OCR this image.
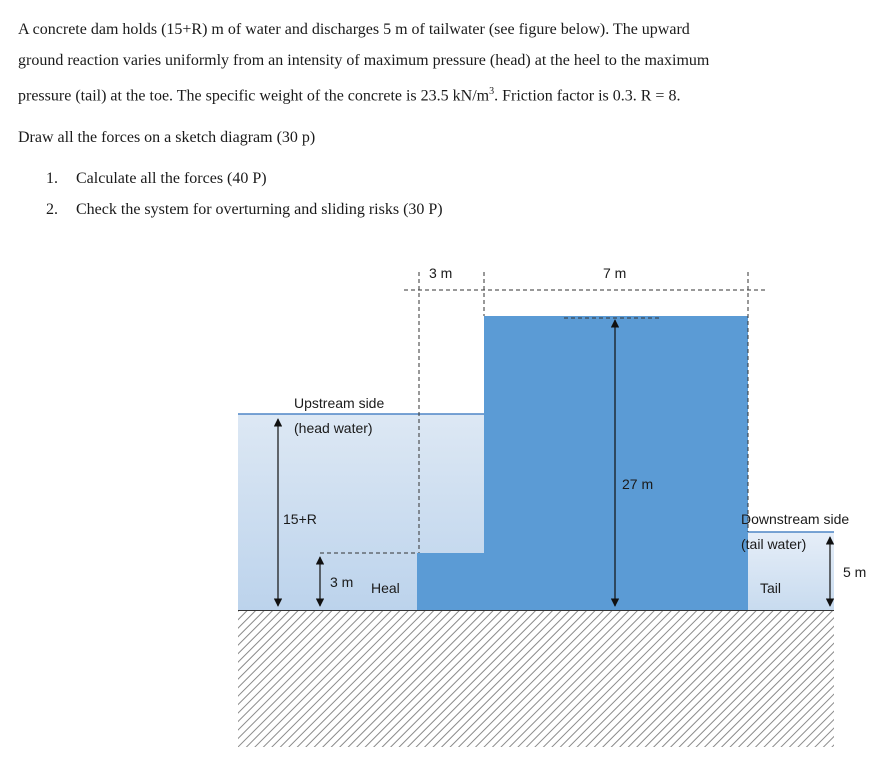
A concrete dam holds (15+R) m of water and discharges 5 m of tailwater (see figure below). The upward
ground reaction varies uniformly from an intensity of maximum pressure (head) at the heel to the maximum
pressure (tail) at the toe. The specific weight of the concrete is 23.5 $kN/m^3$. Friction factor is 0.3. R = 8.
Draw all the forces on a sketch diagram (30 p)
1. Calculate all the forces (40 P)
2. Check the system for overturning and sliding risks (30 P)
3 m	7 m
Upstream side
(head water)
15+R
27 m
3 m Heal
Downstream side
(tail water)
5 m
Tail
